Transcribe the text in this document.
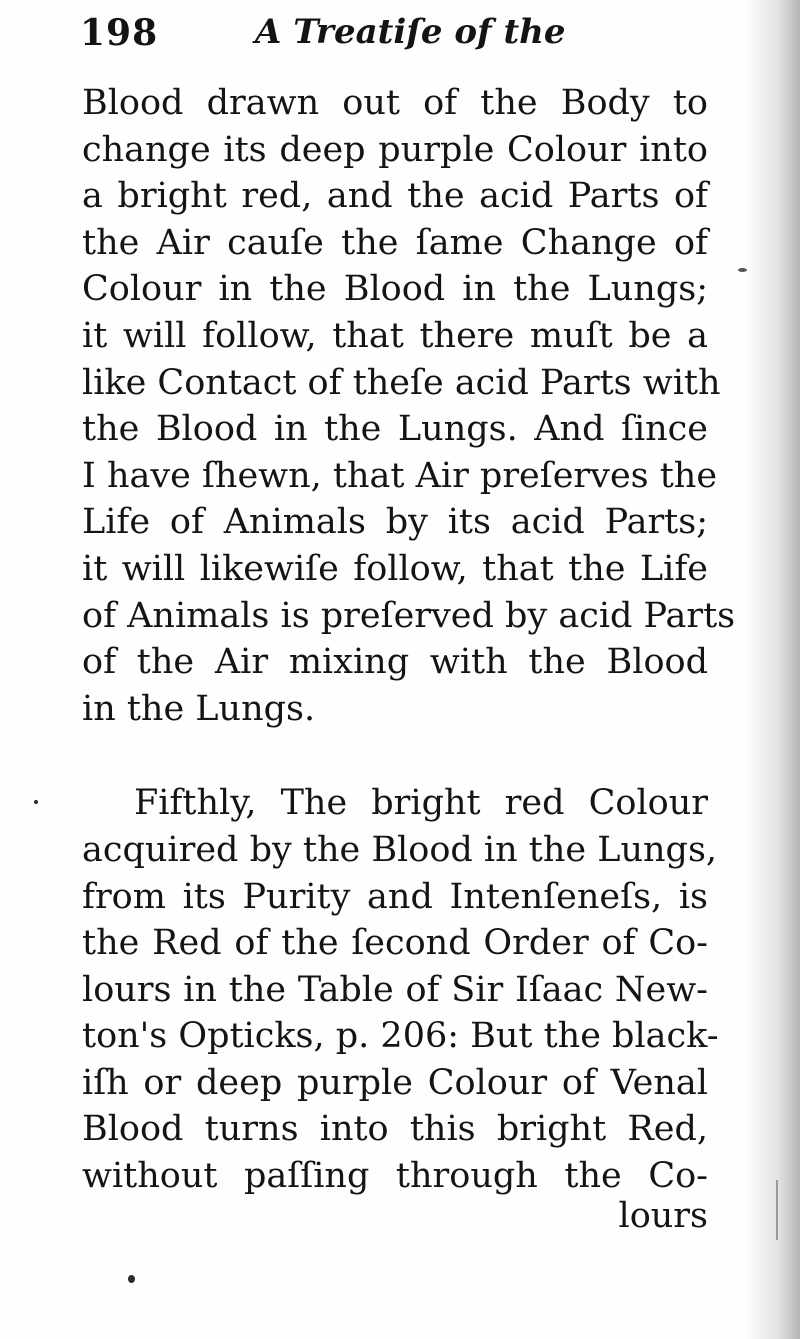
198	A Treatiſe of the
Blood drawn out of the Body to
change its deep purple Colour into
a bright red, and the acid Parts of
the Air cauſe the ſame Change of
Colour in the Blood in the Lungs;
it will follow, that there muſt be a
like Contact of theſe acid Parts with
the Blood in the Lungs. And ſince
I have ſhewn, that Air preſerves the
Life of Animals by its acid Parts;
it will likewiſe follow, that the Life
of Animals is preſerved by acid Parts
of the Air mixing with the Blood
in the Lungs.
Fifthly, The bright red Colour
acquired by the Blood in the Lungs,
from its Purity and Intenſeneſs, is
the Red of the ſecond Order of Co-
lours in the Table of Sir Iſaac New-
ton's Opticks, p. 206: But the black-
iſh or deep purple Colour of Venal
Blood turns into this bright Red,
without paſſing through the Co-
lours
